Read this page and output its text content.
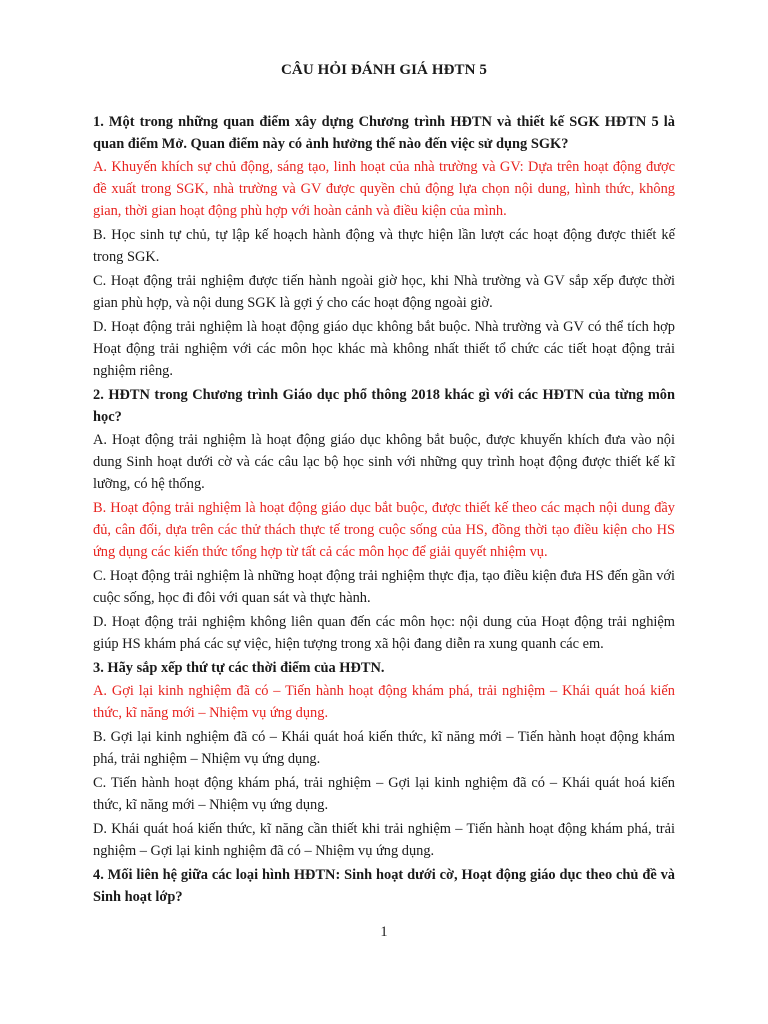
CÂU HỎI ĐÁNH GIÁ HĐTN 5

1. Một trong những quan điểm xây dựng Chương trình HĐTN và thiết kế SGK HĐTN 5 là quan điểm Mở. Quan điểm này có ảnh hưởng thế nào đến việc sử dụng SGK?

A. Khuyến khích sự chủ động, sáng tạo, linh hoạt của nhà trường và GV: Dựa trên hoạt động được đề xuất trong SGK, nhà trường và GV được quyền chủ động lựa chọn nội dung, hình thức, không gian, thời gian hoạt động phù hợp với hoàn cảnh và điều kiện của mình.

B. Học sinh tự chủ, tự lập kế hoạch hành động và thực hiện lần lượt các hoạt động được thiết kế trong SGK.

C. Hoạt động trải nghiệm được tiến hành ngoài giờ học, khi Nhà trường và GV sắp xếp được thời gian phù hợp, và nội dung SGK là gợi ý cho các hoạt động ngoài giờ.

D. Hoạt động trải nghiệm là hoạt động giáo dục không bắt buộc. Nhà trường và GV có thể tích hợp Hoạt động trải nghiệm với các môn học khác mà không nhất thiết tổ chức các tiết hoạt động trải nghiệm riêng.

2. HĐTN trong Chương trình Giáo dục phổ thông 2018 khác gì với các HĐTN của từng môn học?

A. Hoạt động trải nghiệm là hoạt động giáo dục không bắt buộc, được khuyến khích đưa vào nội dung Sinh hoạt dưới cờ và các câu lạc bộ học sinh với những quy trình hoạt động được thiết kế kĩ lưỡng, có hệ thống.

B. Hoạt động trải nghiệm là hoạt động giáo dục bắt buộc, được thiết kế theo các mạch nội dung đầy đủ, cân đối, dựa trên các thử thách thực tế trong cuộc sống của HS, đồng thời tạo điều kiện cho HS ứng dụng các kiến thức tổng hợp từ tất cả các môn học để giải quyết nhiệm vụ.

C. Hoạt động trải nghiệm là những hoạt động trải nghiệm thực địa, tạo điều kiện đưa HS đến gần với cuộc sống, học đi đôi với quan sát và thực hành.

D. Hoạt động trải nghiệm không liên quan đến các môn học: nội dung của Hoạt động trải nghiệm giúp HS khám phá các sự việc, hiện tượng trong xã hội đang diễn ra xung quanh các em.

3. Hãy sắp xếp thứ tự các thời điểm của HĐTN.

A. Gợi lại kinh nghiệm đã có – Tiến hành hoạt động khám phá, trải nghiệm – Khái quát hoá kiến thức, kĩ năng mới – Nhiệm vụ ứng dụng.

B. Gợi lại kinh nghiệm đã có – Khái quát hoá kiến thức, kĩ năng mới – Tiến hành hoạt động khám phá, trải nghiệm – Nhiệm vụ ứng dụng.

C. Tiến hành hoạt động khám phá, trải nghiệm – Gợi lại kinh nghiệm đã có – Khái quát hoá kiến thức, kĩ năng mới – Nhiệm vụ ứng dụng.

D. Khái quát hoá kiến thức, kĩ năng cần thiết khi trải nghiệm – Tiến hành hoạt động khám phá, trải nghiệm – Gợi lại kinh nghiệm đã có – Nhiệm vụ ứng dụng.

4. Mối liên hệ giữa các loại hình HĐTN: Sinh hoạt dưới cờ, Hoạt động giáo dục theo chủ đề và Sinh hoạt lớp?

1
